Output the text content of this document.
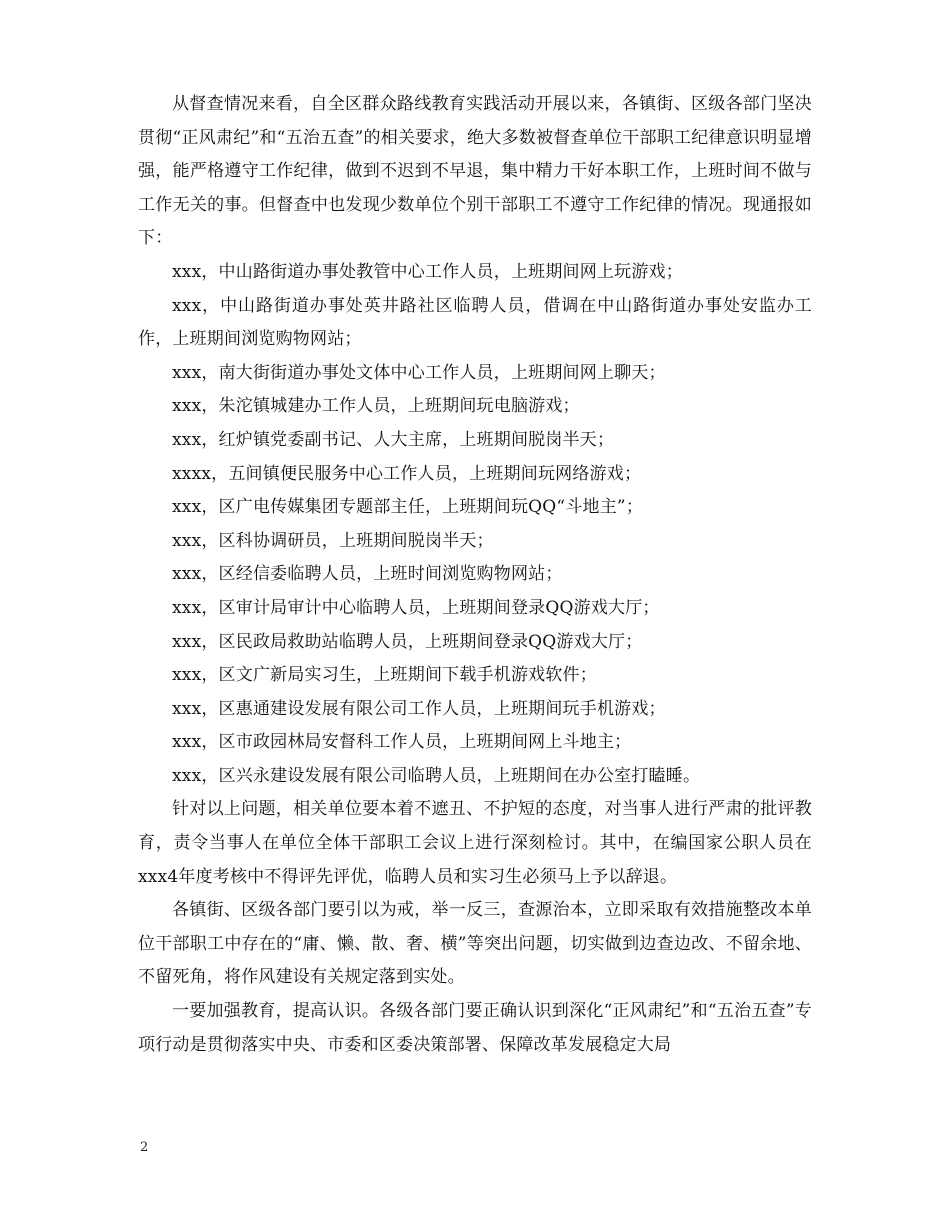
从督查情况来看，自全区群众路线教育实践活动开展以来，各镇街、区级各部门坚决贯彻“正风肃纪”和“五治五查”的相关要求，绝大多数被督查单位干部职工纪律意识明显增强，能严格遵守工作纪律，做到不迟到不早退，集中精力干好本职工作，上班时间不做与工作无关的事。但督查中也发现少数单位个别干部职工不遵守工作纪律的情况。现通报如下：

xxx，中山路街道办事处教管中心工作人员，上班期间网上玩游戏；

xxx，中山路街道办事处英井路社区临聘人员，借调在中山路街道办事处安监办工作，上班期间浏览购物网站；

xxx，南大街街道办事处文体中心工作人员，上班期间网上聊天；

xxx，朱沱镇城建办工作人员，上班期间玩电脑游戏；

xxx，红炉镇党委副书记、人大主席，上班期间脱岗半天；

xxxx，五间镇便民服务中心工作人员，上班期间玩网络游戏；

xxx，区广电传媒集团专题部主任，上班期间玩QQ“斗地主”；

xxx，区科协调研员，上班期间脱岗半天；

xxx，区经信委临聘人员，上班时间浏览购物网站；

xxx，区审计局审计中心临聘人员，上班期间登录QQ游戏大厅；

xxx，区民政局救助站临聘人员，上班期间登录QQ游戏大厅；

xxx，区文广新局实习生，上班期间下载手机游戏软件；

xxx，区惠通建设发展有限公司工作人员，上班期间玩手机游戏；

xxx，区市政园林局安督科工作人员，上班期间网上斗地主；

xxx，区兴永建设发展有限公司临聘人员，上班期间在办公室打瞌睡。

针对以上问题，相关单位要本着不遮丑、不护短的态度，对当事人进行严肃的批评教育，责令当事人在单位全体干部职工会议上进行深刻检讨。其中，在编国家公职人员在xxx4年度考核中不得评先评优，临聘人员和实习生必须马上予以辞退。

各镇街、区级各部门要引以为戒，举一反三，查源治本，立即采取有效措施整改本单位干部职工中存在的“庸、懒、散、奢、横”等突出问题，切实做到边查边改、不留余地、不留死角，将作风建设有关规定落到实处。

一要加强教育，提高认识。各级各部门要正确认识到深化“正风肃纪”和“五治五查”专项行动是贯彻落实中央、市委和区委决策部署、保障改革发展稳定大局

2
